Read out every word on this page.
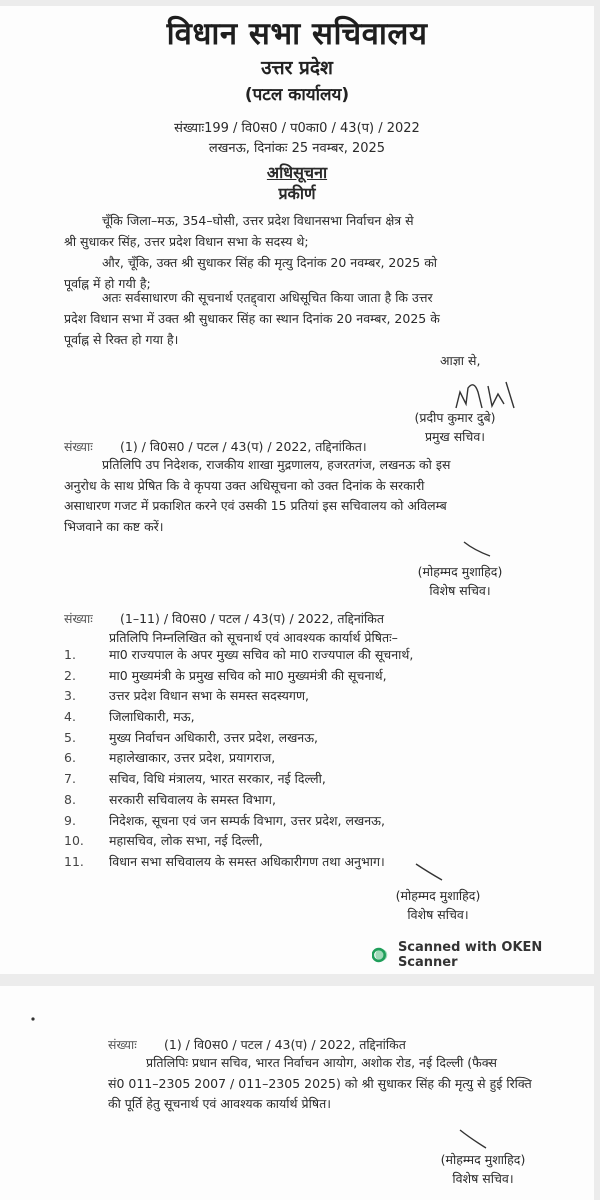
विधान सभा सचिवालय
उत्तर प्रदेश
(पटल कार्यालय)
संख्याः199 / वि0स0 / प0का0 / 43(प) / 2022
लखनऊ, दिनांकः 25 नवम्बर, 2025
अधिसूचना
प्रकीर्ण
चूँकि जिला–मऊ, 354–घोसी, उत्तर प्रदेश विधानसभा निर्वाचन क्षेत्र से
श्री सुधाकर सिंह, उत्तर प्रदेश विधान सभा के सदस्य थे;
और, चूँकि, उक्त श्री सुधाकर सिंह की मृत्यु दिनांक 20 नवम्बर, 2025 को
पूर्वाह्न में हो गयी है;
अतः सर्वसाधारण की सूचनार्थ एतद्द्वारा अधिसूचित किया जाता है कि उत्तर
प्रदेश विधान सभा में उक्त श्री सुधाकर सिंह का स्थान दिनांक 20 नवम्बर, 2025 के
पूर्वाह्न से रिक्त हो गया है।
आज्ञा से,
(प्रदीप कुमार दुबे)
प्रमुख सचिव।
संख्याः (1) / वि0स0 / पटल / 43(प) / 2022, तद्दिनांकित।
प्रतिलिपि उप निदेशक, राजकीय शाखा मुद्रणालय, हजरतगंज, लखनऊ को इस
अनुरोध के साथ प्रेषित कि वे कृपया उक्त अधिसूचना को उक्त दिनांक के सरकारी
असाधारण गजट में प्रकाशित करने एवं उसकी 15 प्रतियां इस सचिवालय को अविलम्ब
भिजवाने का कष्ट करें।
(मोहम्मद मुशाहिद)
विशेष सचिव।
संख्याः (1–11) / वि0स0 / पटल / 43(प) / 2022, तद्दिनांकित
प्रतिलिपि निम्नलिखित को सूचनार्थ एवं आवश्यक कार्यार्थ प्रेषितः–
1.	मा0 राज्यपाल के अपर मुख्य सचिव को मा0 राज्यपाल की सूचनार्थ,
2.	मा0 मुख्यमंत्री के प्रमुख सचिव को मा0 मुख्यमंत्री की सूचनार्थ,
3.	उत्तर प्रदेश विधान सभा के समस्त सदस्यगण,
4.	जिलाधिकारी, मऊ,
5.	मुख्य निर्वाचन अधिकारी, उत्तर प्रदेश, लखनऊ,
6.	महालेखाकार, उत्तर प्रदेश, प्रयागराज,
7.	सचिव, विधि मंत्रालय, भारत सरकार, नई दिल्ली,
8.	सरकारी सचिवालय के समस्त विभाग,
9.	निदेशक, सूचना एवं जन सम्पर्क विभाग, उत्तर प्रदेश, लखनऊ,
10. महासचिव, लोक सभा, नई दिल्ली,
11. विधान सभा सचिवालय के समस्त अधिकारीगण तथा अनुभाग।
(मोहम्मद मुशाहिद)
विशेष सचिव।
Scanned with OKEN Scanner
संख्याः (1) / वि0स0 / पटल / 43(प) / 2022, तद्दिनांकित
प्रतिलिपिः प्रधान सचिव, भारत निर्वाचन आयोग, अशोक रोड, नई दिल्ली (फैक्स
सं0 011–2305 2007 / 011–2305 2025) को श्री सुधाकर सिंह की मृत्यु से हुई रिक्ति
की पूर्ति हेतु सूचनार्थ एवं आवश्यक कार्यार्थ प्रेषित।
(मोहम्मद मुशाहिद)
विशेष सचिव।
